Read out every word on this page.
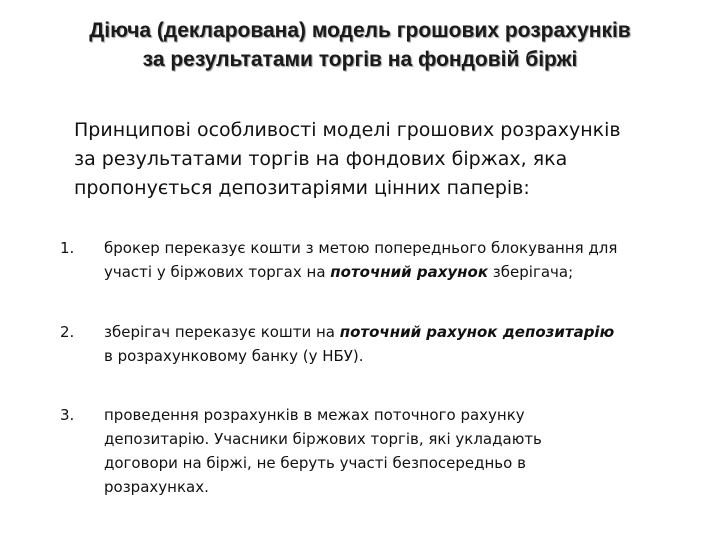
Діюча (декларована) модель грошових розрахунків
за результатами торгів на фондовій біржі
Принципові особливості моделі грошових розрахунків
за результатами торгів на фондових біржах, яка
пропонується депозитаріями цінних паперів:
1. брокер переказує кошти з метою попереднього блокування для
участі у біржових торгах на поточний рахунок зберігача;
2. зберігач переказує кошти на поточний рахунок депозитарію
в розрахунковому банку (у НБУ).
3. проведення розрахунків в межах поточного рахунку
депозитарію. Учасники біржових торгів, які укладають
договори на біржі, не беруть участі безпосередньо в
розрахунках.
